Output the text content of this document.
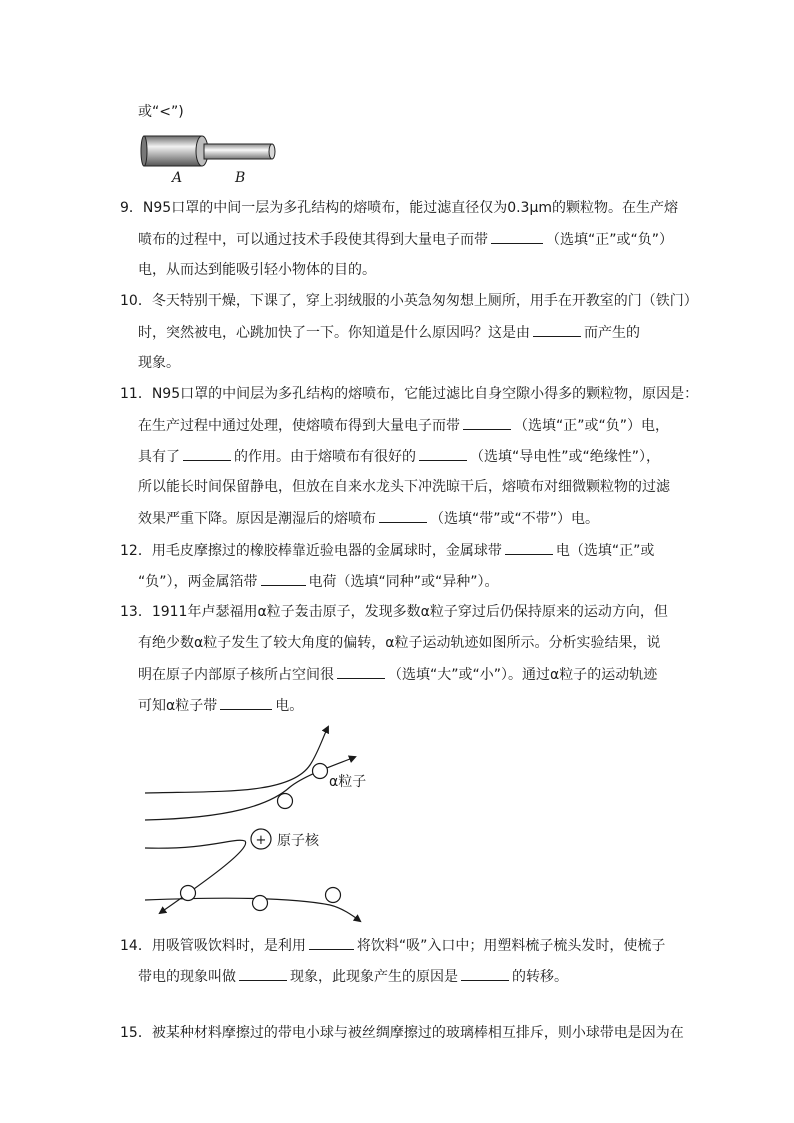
或“<”)
A	B
9．N95口罩的中间一层为多孔结构的熔喷布，能过滤直径仅为0.3μm的颗粒物。在生产熔
喷布的过程中，可以通过技术手段使其得到大量电子而带	（选填“正”或“负”）
电，从而达到能吸引轻小物体的目的。
10．冬天特别干燥，下课了，穿上羽绒服的小英急匆匆想上厕所，用手在开教室的门（铁门）
时，突然被电，心跳加快了一下。你知道是什么原因吗？这是由	而产生的
现象。
11．N95口罩的中间层为多孔结构的熔喷布，它能过滤比自身空隙小得多的颗粒物，原因是：
在生产过程中通过处理，使熔喷布得到大量电子而带	（选填“正”或“负”）电，
具有了	的作用。由于熔喷布有很好的	（选填“导电性”或“绝缘性”），
所以能长时间保留静电，但放在自来水龙头下冲洗晾干后，熔喷布对细微颗粒物的过滤
效果严重下降。原因是潮湿后的熔喷布	（选填“带”或“不带”）电。
12．用毛皮摩擦过的橡胶棒靠近验电器的金属球时，金属球带	电（选填“正”或
“负”），两金属箔带	电荷（选填“同种”或“异种”）。
13．1911年卢瑟福用α粒子轰击原子，发现多数α粒子穿过后仍保持原来的运动方向，但
有绝少数α粒子发生了较大角度的偏转，α粒子运动轨迹如图所示。分析实验结果，说
明在原子内部原子核所占空间很	（选填“大”或“小”）。通过α粒子的运动轨迹
可知α粒子带	电。
+
α粒子
原子核
14．用吸管吸饮料时，是利用	将饮料“吸”入口中；用塑料梳子梳头发时，使梳子
带电的现象叫做	现象，此现象产生的原因是	的转移。
15．被某种材料摩擦过的带电小球与被丝绸摩擦过的玻璃棒相互排斥，则小球带电是因为在
